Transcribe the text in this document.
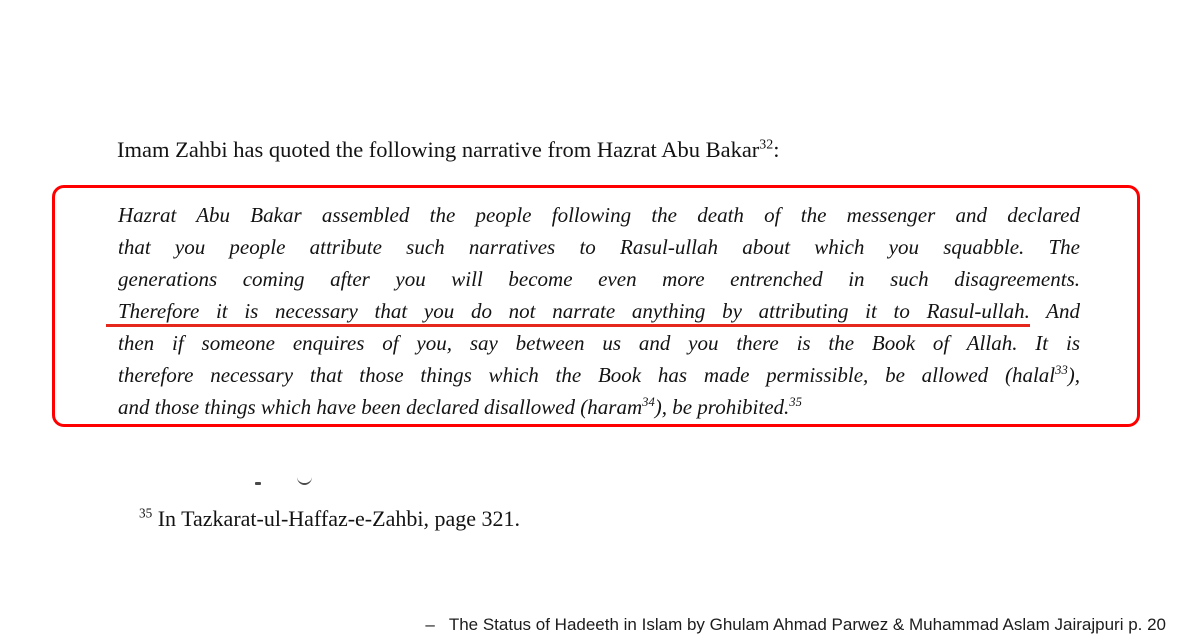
Imam Zahbi has quoted the following narrative from Hazrat Abu Bakar$^{32}$:
Hazrat Abu Bakar assembled the people following the death of the messenger and declared
that you people attribute such narratives to Rasul-ullah about which you squabble. The
generations coming after you will become even more entrenched in such disagreements.
Therefore it is necessary that you do not narrate anything by attributing it to Rasul-ullah. And
then if someone enquires of you, say between us and you there is the Book of Allah. It is
therefore necessary that those things which the Book has made permissible, be allowed (halal$^{33}$),
and those things which have been declared disallowed (haram$^{34}$), be prohibited.$^{35}$

$^{35}$ In Tazkarat-ul-Haffaz-e-Zahbi, page 321.

– The Status of Hadeeth in Islam by Ghulam Ahmad Parwez & Muhammad Aslam Jairajpuri p. 20
